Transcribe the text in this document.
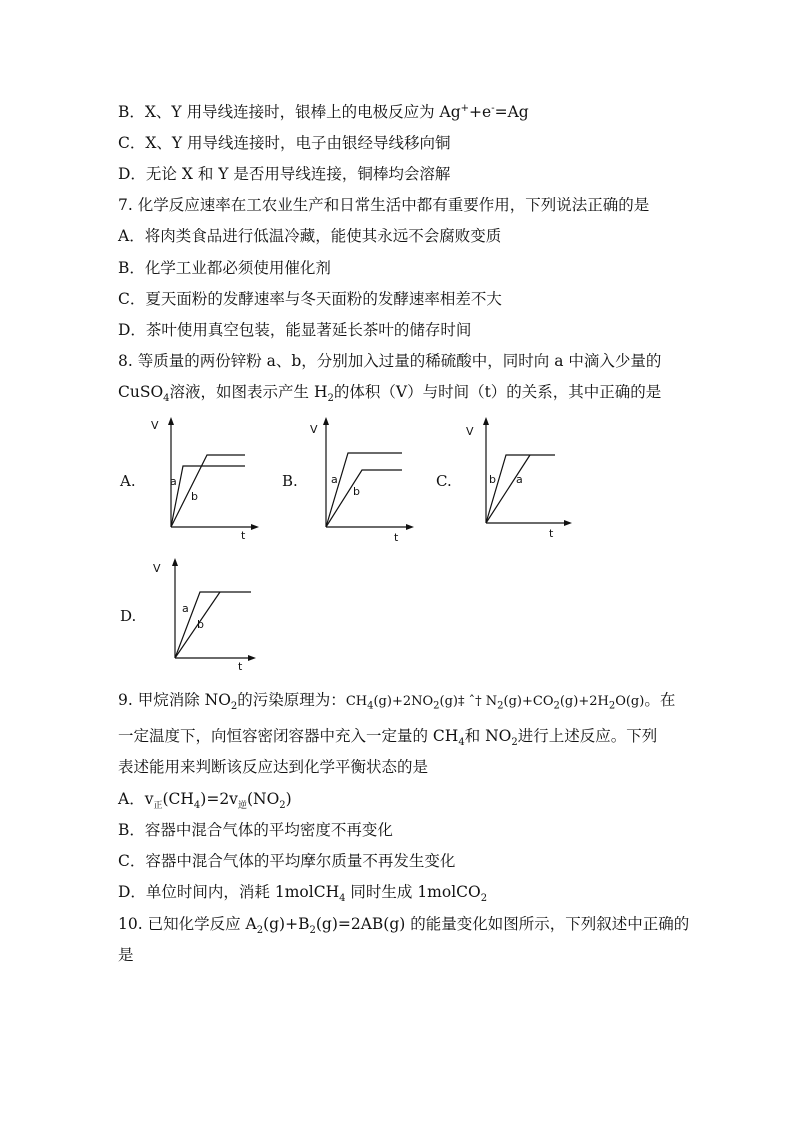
B．X、Y 用导线连接时，银棒上的电极反应为 Ag++e-=Ag
C．X、Y 用导线连接时，电子由银经导线移向铜
D．无论 X 和 Y 是否用导线连接，铜棒均会溶解
7. 化学反应速率在工农业生产和日常生活中都有重要作用，下列说法正确的是
A．将肉类食品进行低温冷藏，能使其永远不会腐败变质
B．化学工业都必须使用催化剂
C．夏天面粉的发酵速率与冬天面粉的发酵速率相差不大
D．茶叶使用真空包装，能显著延长茶叶的储存时间
8. 等质量的两份锌粉 a、b，分别加入过量的稀硫酸中，同时向 a 中滴入少量的
CuSO$_4$溶液，如图表示产生 $H_2$的体积（V）与时间（t）的关系，其中正确的是
A.
V
t
a
b
B.
V
t
a
b
C.
V
t
b a
D.
V
t
a
b
9. 甲烷消除 $NO_2$的污染原理为：$CH_4(g)+2NO_2(g)\ddagger$ ˆ† $N_2(g)+CO_2(g)+2H_2O(g)$。在
一定温度下，向恒容密闭容器中充入一定量的 $CH_4$和 $NO_2$进行上述反应。下列
表述能用来判断该反应达到化学平衡状态的是
A．$v_正(CH_4)=2v_逆(NO_2)$
B．容器中混合气体的平均密度不再变化
C．容器中混合气体的平均摩尔质量不再发生变化
D．单位时间内，消耗 1molCH$_4$ 同时生成 1molCO$_2$
10. 已知化学反应 $A_2(g)+B_2(g)=2AB(g)$ 的能量变化如图所示，下列叙述中正确的
是
